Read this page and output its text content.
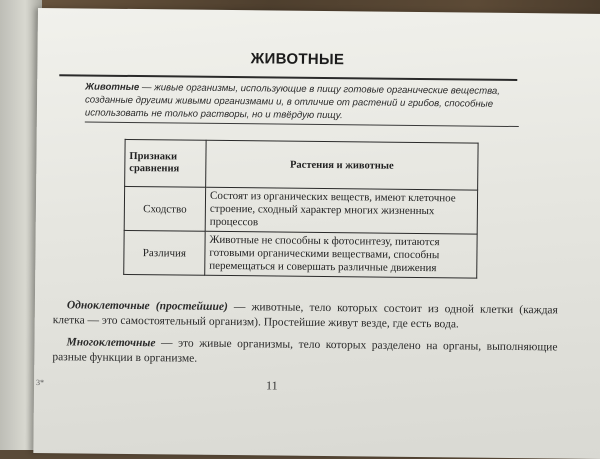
ЖИВОТНЫЕ
Животные — живые организмы, использующие в пищу готовые органические вещества, созданные другими живыми организмами и, в отличие от растений и грибов, способные использовать не только растворы, но и твёрдую пищу.
Признаки сравнения	Растения и животные
Сходство	Состоят из органических веществ, имеют клеточное строение, сходный характер многих жизненных процессов
Различия	Животные не способны к фотосинтезу, питаются готовыми органическими веществами, способны перемещаться и совершать различные движения
Одноклеточные (простейшие) — животные, тело которых состоит из одной клетки (каждая клетка — это самостоятельный организм). Простейшие живут везде, где есть вода.
Многоклеточные — это живые организмы, тело которых разделено на органы, выполняющие разные функции в организме.
3*	11
